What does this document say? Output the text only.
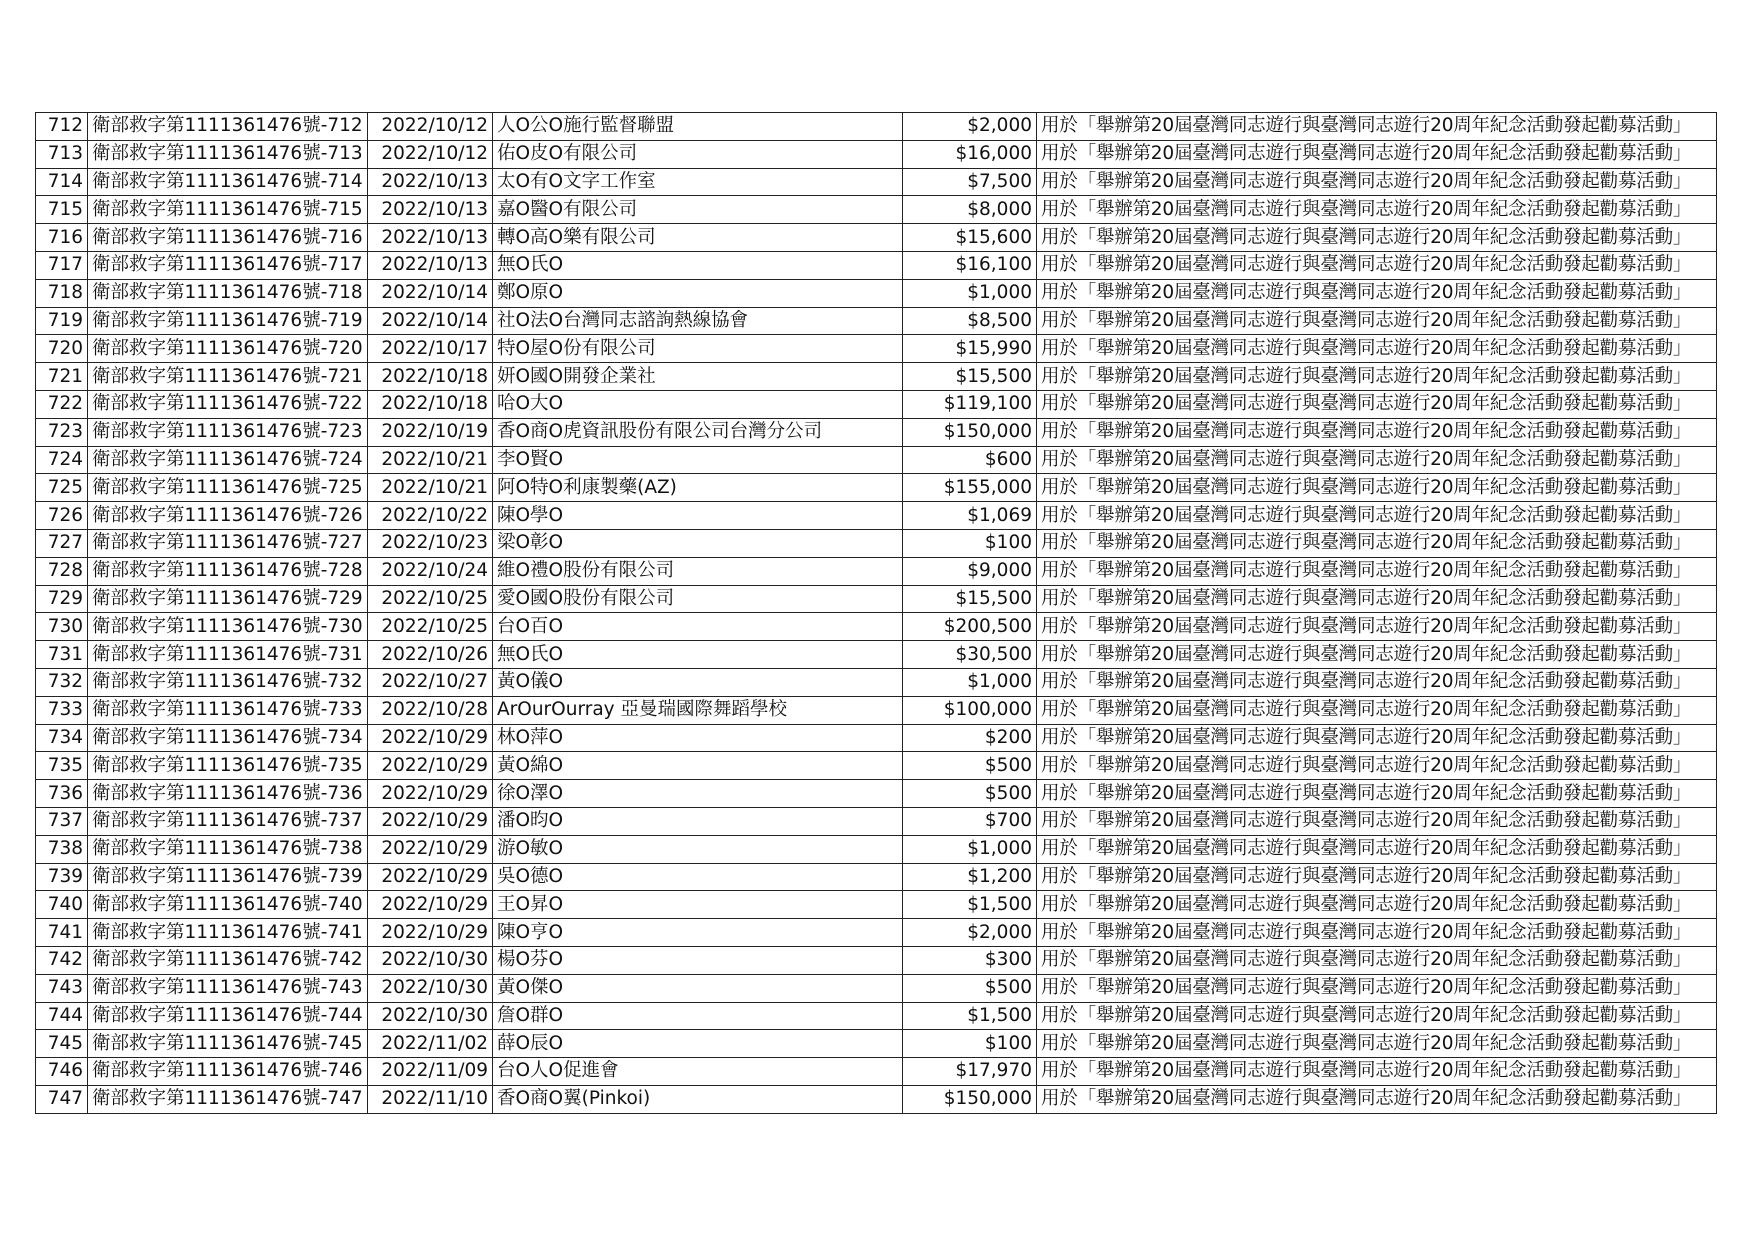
712	衛部救字第1111361476號-712	2022/10/12	人O公O施行監督聯盟	$2,000	用於「舉辦第20屆臺灣同志遊行與臺灣同志遊行20周年紀念活動發起勸募活動」
713	衛部救字第1111361476號-713	2022/10/12	佑O皮O有限公司	$16,000	用於「舉辦第20屆臺灣同志遊行與臺灣同志遊行20周年紀念活動發起勸募活動」
714	衛部救字第1111361476號-714	2022/10/13	太O有O文字工作室	$7,500	用於「舉辦第20屆臺灣同志遊行與臺灣同志遊行20周年紀念活動發起勸募活動」
715	衛部救字第1111361476號-715	2022/10/13	嘉O醫O有限公司	$8,000	用於「舉辦第20屆臺灣同志遊行與臺灣同志遊行20周年紀念活動發起勸募活動」
716	衛部救字第1111361476號-716	2022/10/13	轉O高O樂有限公司	$15,600	用於「舉辦第20屆臺灣同志遊行與臺灣同志遊行20周年紀念活動發起勸募活動」
717	衛部救字第1111361476號-717	2022/10/13	無O氏O	$16,100	用於「舉辦第20屆臺灣同志遊行與臺灣同志遊行20周年紀念活動發起勸募活動」
718	衛部救字第1111361476號-718	2022/10/14	鄭O原O	$1,000	用於「舉辦第20屆臺灣同志遊行與臺灣同志遊行20周年紀念活動發起勸募活動」
719	衛部救字第1111361476號-719	2022/10/14	社O法O台灣同志諮詢熱線協會	$8,500	用於「舉辦第20屆臺灣同志遊行與臺灣同志遊行20周年紀念活動發起勸募活動」
720	衛部救字第1111361476號-720	2022/10/17	特O屋O份有限公司	$15,990	用於「舉辦第20屆臺灣同志遊行與臺灣同志遊行20周年紀念活動發起勸募活動」
721	衛部救字第1111361476號-721	2022/10/18	妍O國O開發企業社	$15,500	用於「舉辦第20屆臺灣同志遊行與臺灣同志遊行20周年紀念活動發起勸募活動」
722	衛部救字第1111361476號-722	2022/10/18	哈O大O	$119,100	用於「舉辦第20屆臺灣同志遊行與臺灣同志遊行20周年紀念活動發起勸募活動」
723	衛部救字第1111361476號-723	2022/10/19	香O商O虎資訊股份有限公司台灣分公司	$150,000	用於「舉辦第20屆臺灣同志遊行與臺灣同志遊行20周年紀念活動發起勸募活動」
724	衛部救字第1111361476號-724	2022/10/21	李O賢O	$600	用於「舉辦第20屆臺灣同志遊行與臺灣同志遊行20周年紀念活動發起勸募活動」
725	衛部救字第1111361476號-725	2022/10/21	阿O特O利康製藥(AZ)	$155,000	用於「舉辦第20屆臺灣同志遊行與臺灣同志遊行20周年紀念活動發起勸募活動」
726	衛部救字第1111361476號-726	2022/10/22	陳O學O	$1,069	用於「舉辦第20屆臺灣同志遊行與臺灣同志遊行20周年紀念活動發起勸募活動」
727	衛部救字第1111361476號-727	2022/10/23	梁O彰O	$100	用於「舉辦第20屆臺灣同志遊行與臺灣同志遊行20周年紀念活動發起勸募活動」
728	衛部救字第1111361476號-728	2022/10/24	維O禮O股份有限公司	$9,000	用於「舉辦第20屆臺灣同志遊行與臺灣同志遊行20周年紀念活動發起勸募活動」
729	衛部救字第1111361476號-729	2022/10/25	愛O國O股份有限公司	$15,500	用於「舉辦第20屆臺灣同志遊行與臺灣同志遊行20周年紀念活動發起勸募活動」
730	衛部救字第1111361476號-730	2022/10/25	台O百O	$200,500	用於「舉辦第20屆臺灣同志遊行與臺灣同志遊行20周年紀念活動發起勸募活動」
731	衛部救字第1111361476號-731	2022/10/26	無O氏O	$30,500	用於「舉辦第20屆臺灣同志遊行與臺灣同志遊行20周年紀念活動發起勸募活動」
732	衛部救字第1111361476號-732	2022/10/27	黃O儀O	$1,000	用於「舉辦第20屆臺灣同志遊行與臺灣同志遊行20周年紀念活動發起勸募活動」
733	衛部救字第1111361476號-733	2022/10/28	ArOurOurray 亞曼瑞國際舞蹈學校	$100,000	用於「舉辦第20屆臺灣同志遊行與臺灣同志遊行20周年紀念活動發起勸募活動」
734	衛部救字第1111361476號-734	2022/10/29	林O萍O	$200	用於「舉辦第20屆臺灣同志遊行與臺灣同志遊行20周年紀念活動發起勸募活動」
735	衛部救字第1111361476號-735	2022/10/29	黃O綿O	$500	用於「舉辦第20屆臺灣同志遊行與臺灣同志遊行20周年紀念活動發起勸募活動」
736	衛部救字第1111361476號-736	2022/10/29	徐O澤O	$500	用於「舉辦第20屆臺灣同志遊行與臺灣同志遊行20周年紀念活動發起勸募活動」
737	衛部救字第1111361476號-737	2022/10/29	潘O昀O	$700	用於「舉辦第20屆臺灣同志遊行與臺灣同志遊行20周年紀念活動發起勸募活動」
738	衛部救字第1111361476號-738	2022/10/29	游O敏O	$1,000	用於「舉辦第20屆臺灣同志遊行與臺灣同志遊行20周年紀念活動發起勸募活動」
739	衛部救字第1111361476號-739	2022/10/29	吳O德O	$1,200	用於「舉辦第20屆臺灣同志遊行與臺灣同志遊行20周年紀念活動發起勸募活動」
740	衛部救字第1111361476號-740	2022/10/29	王O昇O	$1,500	用於「舉辦第20屆臺灣同志遊行與臺灣同志遊行20周年紀念活動發起勸募活動」
741	衛部救字第1111361476號-741	2022/10/29	陳O亨O	$2,000	用於「舉辦第20屆臺灣同志遊行與臺灣同志遊行20周年紀念活動發起勸募活動」
742	衛部救字第1111361476號-742	2022/10/30	楊O芬O	$300	用於「舉辦第20屆臺灣同志遊行與臺灣同志遊行20周年紀念活動發起勸募活動」
743	衛部救字第1111361476號-743	2022/10/30	黃O傑O	$500	用於「舉辦第20屆臺灣同志遊行與臺灣同志遊行20周年紀念活動發起勸募活動」
744	衛部救字第1111361476號-744	2022/10/30	詹O群O	$1,500	用於「舉辦第20屆臺灣同志遊行與臺灣同志遊行20周年紀念活動發起勸募活動」
745	衛部救字第1111361476號-745	2022/11/02	薛O辰O	$100	用於「舉辦第20屆臺灣同志遊行與臺灣同志遊行20周年紀念活動發起勸募活動」
746	衛部救字第1111361476號-746	2022/11/09	台O人O促進會	$17,970	用於「舉辦第20屆臺灣同志遊行與臺灣同志遊行20周年紀念活動發起勸募活動」
747	衛部救字第1111361476號-747	2022/11/10	香O商O翼(Pinkoi)	$150,000	用於「舉辦第20屆臺灣同志遊行與臺灣同志遊行20周年紀念活動發起勸募活動」
